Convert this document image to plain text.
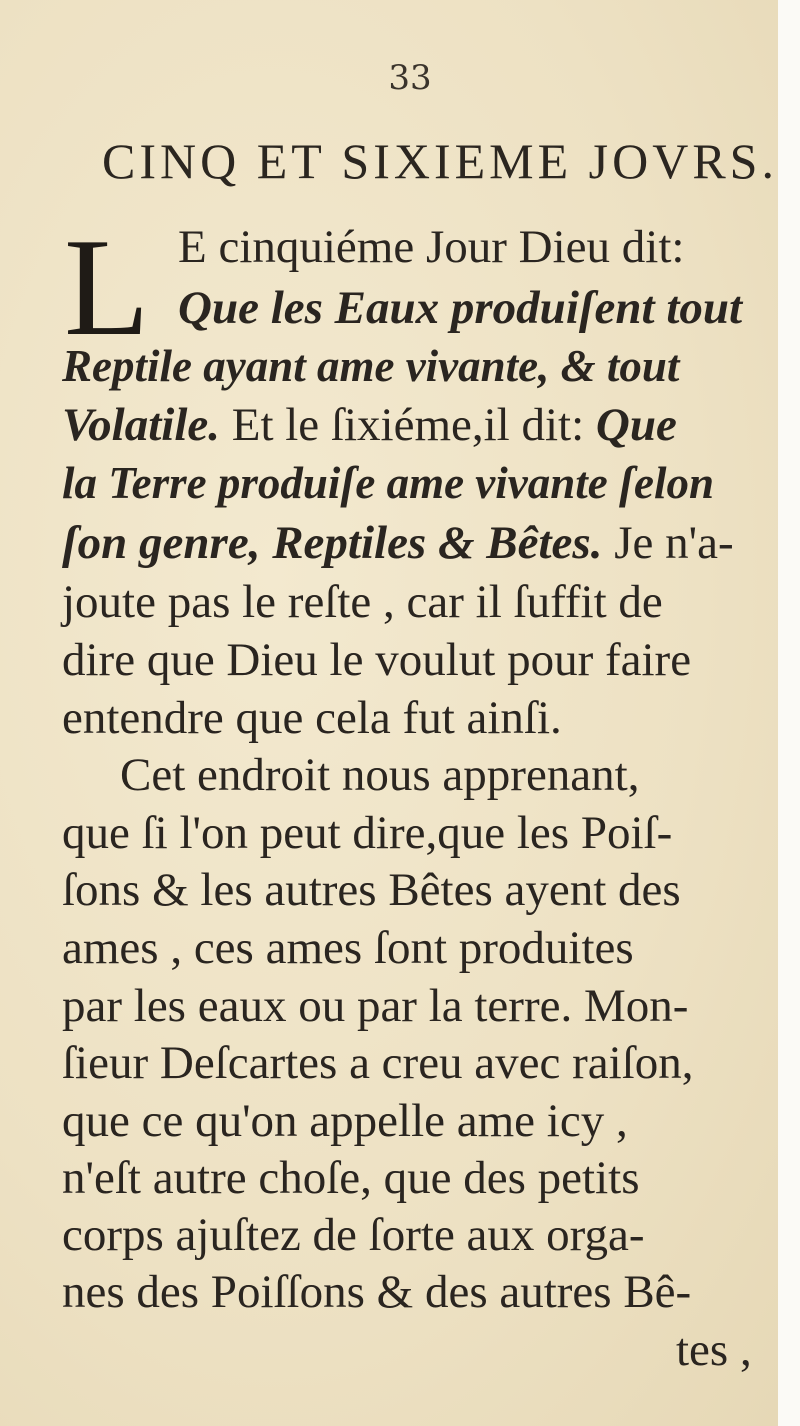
33
CINQ ET SIXIEME JOVRS.
L E cinquiéme Jour Dieu dit:
Que les Eaux produiſent tout
Reptile ayant ame vivante, & tout
Volatile. Et le ſixiéme,il dit: Que
la Terre produiſe ame vivante ſelon
ſon genre, Reptiles & Bêtes. Je n'a-
joute pas le reſte , car il ſuffit de
dire que Dieu le voulut pour faire
entendre que cela fut ainſi.
Cet endroit nous apprenant,
que ſi l'on peut dire,que les Poiſ-
ſons & les autres Bêtes ayent des
ames , ces ames ſont produites
par les eaux ou par la terre. Mon-
ſieur Deſcartes a creu avec raiſon,
que ce qu'on appelle ame icy ,
n'eſt autre choſe, que des petits
corps ajuſtez de ſorte aux orga-
nes des Poiſſons & des autres Bê-
tes ,
